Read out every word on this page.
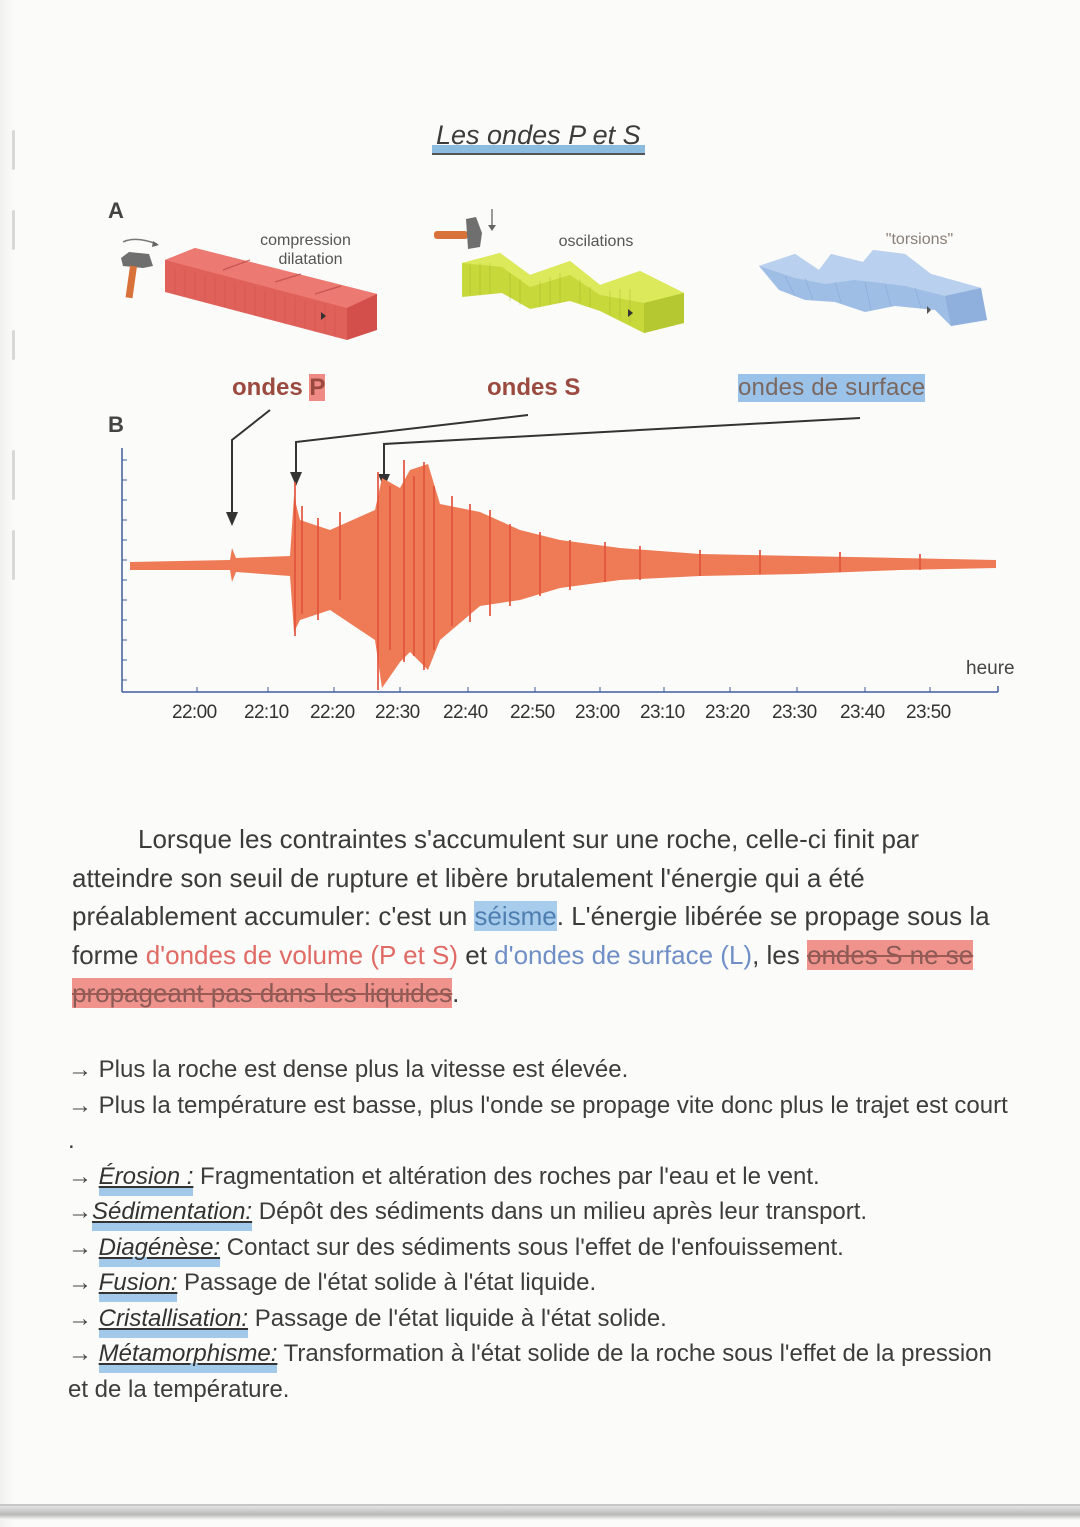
Les ondes P et S
A
compression
dilatation
oscilations	"torsions"
B
ondes P	ondes S	ondes de surface
heure
22:00 22:10 22:20 22:30 22:40 22:50 23:00 23:10 23:20 23:30 23:40 23:50
Lorsque les contraintes s'accumulent sur une roche, celle-ci finit par atteindre son seuil de rupture et libère brutalement l'énergie qui a été préalablement accumuler: c'est un séisme. L'énergie libérée se propage sous la forme d'ondes de volume (P et S) et d'ondes de surface (L), les ondes S ne se propageant pas dans les liquides.

→ Plus la roche est dense plus la vitesse est élevée.

→ Plus la température est basse, plus l'onde se propage vite donc plus le trajet est court .

→ Érosion : Fragmentation et altération des roches par l'eau et le vent.

→Sédimentation: Dépôt des sédiments dans un milieu après leur transport.

→ Diagénèse: Contact sur des sédiments sous l'effet de l'enfouissement.

→ Fusion: Passage de l'état solide à l'état liquide.

→ Cristallisation: Passage de l'état liquide à l'état solide.

→ Métamorphisme: Transformation à l'état solide de la roche sous l'effet de la pression et de la température.
